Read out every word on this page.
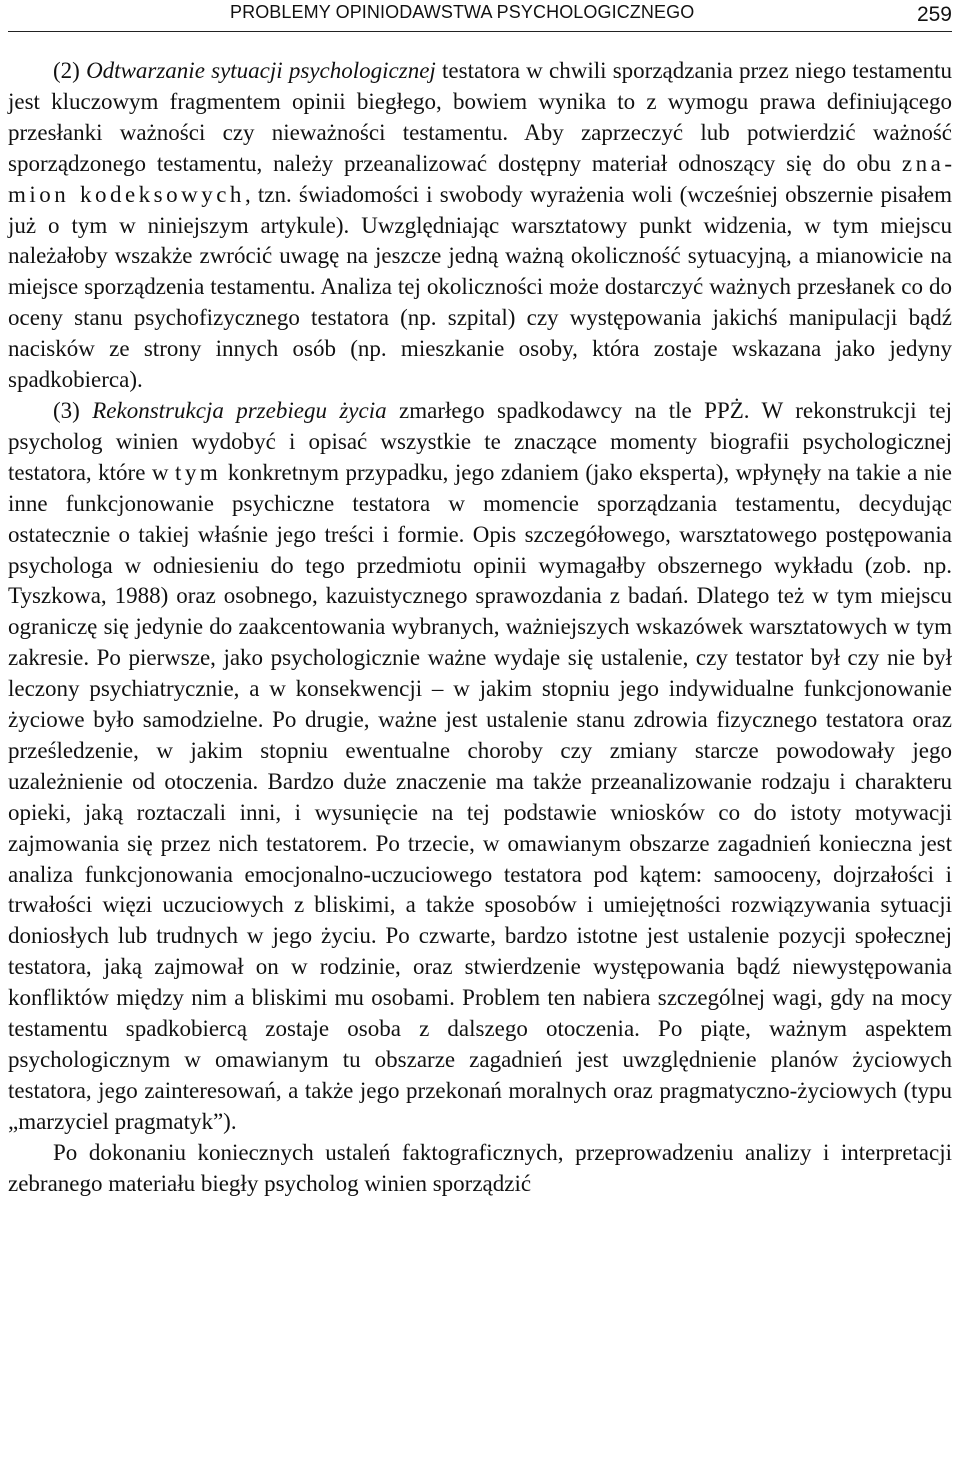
PROBLEMY OPINIODAWSTWA PSYCHOLOGICZNEGO	259

(2) Odtwarzanie sytuacji psychologicznej testatora w chwili sporządzania przez niego testamentu jest kluczowym fragmentem opinii biegłego, bowiem wynika to z wymogu prawa definiującego przesłanki ważności czy nieważności testamentu. Aby zaprzeczyć lub potwierdzić ważność sporządzonego testamentu, należy przeanalizować dostępny materiał odnoszący się do obu znamion kodeksowych, tzn. świadomości i swobody wyrażenia woli (wcześniej obszernie pisałem już o tym w niniejszym artykule). Uwzględniając warsztatowy punkt widzenia, w tym miejscu należałoby wszakże zwrócić uwagę na jeszcze jedną ważną okoliczność sytuacyjną, a mianowicie na miejsce sporządzenia testamentu. Analiza tej okoliczności może dostarczyć ważnych przesłanek co do oceny stanu psychofizycznego testatora (np. szpital) czy występowania jakichś manipulacji bądź nacisków ze strony innych osób (np. mieszkanie osoby, która zostaje wskazana jako jedyny spadkobierca).

(3) Rekonstrukcja przebiegu życia zmarłego spadkodawcy na tle PPŻ. W rekonstrukcji tej psycholog winien wydobyć i opisać wszystkie te znaczące momenty biografii psychologicznej testatora, które w tym konkretnym przypadku, jego zdaniem (jako eksperta), wpłynęły na takie a nie inne funkcjonowanie psychiczne testatora w momencie sporządzania testamentu, decydując ostatecznie o takiej właśnie jego treści i formie. Opis szczegółowego, warsztatowego postępowania psychologa w odniesieniu do tego przedmiotu opinii wymagałby obszernego wykładu (zob. np. Tyszkowa, 1988) oraz osobnego, kazuistycznego sprawozdania z badań. Dlatego też w tym miejscu ograniczę się jedynie do zaakcentowania wybranych, ważniejszych wskazówek warsztatowych w tym zakresie. Po pierwsze, jako psychologicznie ważne wydaje się ustalenie, czy testator był czy nie był leczony psychiatrycznie, a w konsekwencji – w jakim stopniu jego indywidualne funkcjonowanie życiowe było samodzielne. Po drugie, ważne jest ustalenie stanu zdrowia fizycznego testatora oraz prześledzenie, w jakim stopniu ewentualne choroby czy zmiany starcze powodowały jego uzależnienie od otoczenia. Bardzo duże znaczenie ma także przeanalizowanie rodzaju i charakteru opieki, jaką roztaczali inni, i wysunięcie na tej podstawie wniosków co do istoty motywacji zajmowania się przez nich testatorem. Po trzecie, w omawianym obszarze zagadnień konieczna jest analiza funkcjonowania emocjonalno-uczuciowego testatora pod kątem: samooceny, dojrzałości i trwałości więzi uczuciowych z bliskimi, a także sposobów i umiejętności rozwiązywania sytuacji doniosłych lub trudnych w jego życiu. Po czwarte, bardzo istotne jest ustalenie pozycji społecznej testatora, jaką zajmował on w rodzinie, oraz stwierdzenie występowania bądź niewystępowania konfliktów między nim a bliskimi mu osobami. Problem ten nabiera szczególnej wagi, gdy na mocy testamentu spadkobiercą zostaje osoba z dalszego otoczenia. Po piąte, ważnym aspektem psychologicznym w omawianym tu obszarze zagadnień jest uwzględnienie planów życiowych testatora, jego zainteresowań, a także jego przekonań moralnych oraz pragmatyczno-życiowych (typu „marzyciel pragmatyk”).

Po dokonaniu koniecznych ustaleń faktograficznych, przeprowadzeniu analizy i interpretacji zebranego materiału biegły psycholog winien sporządzić
